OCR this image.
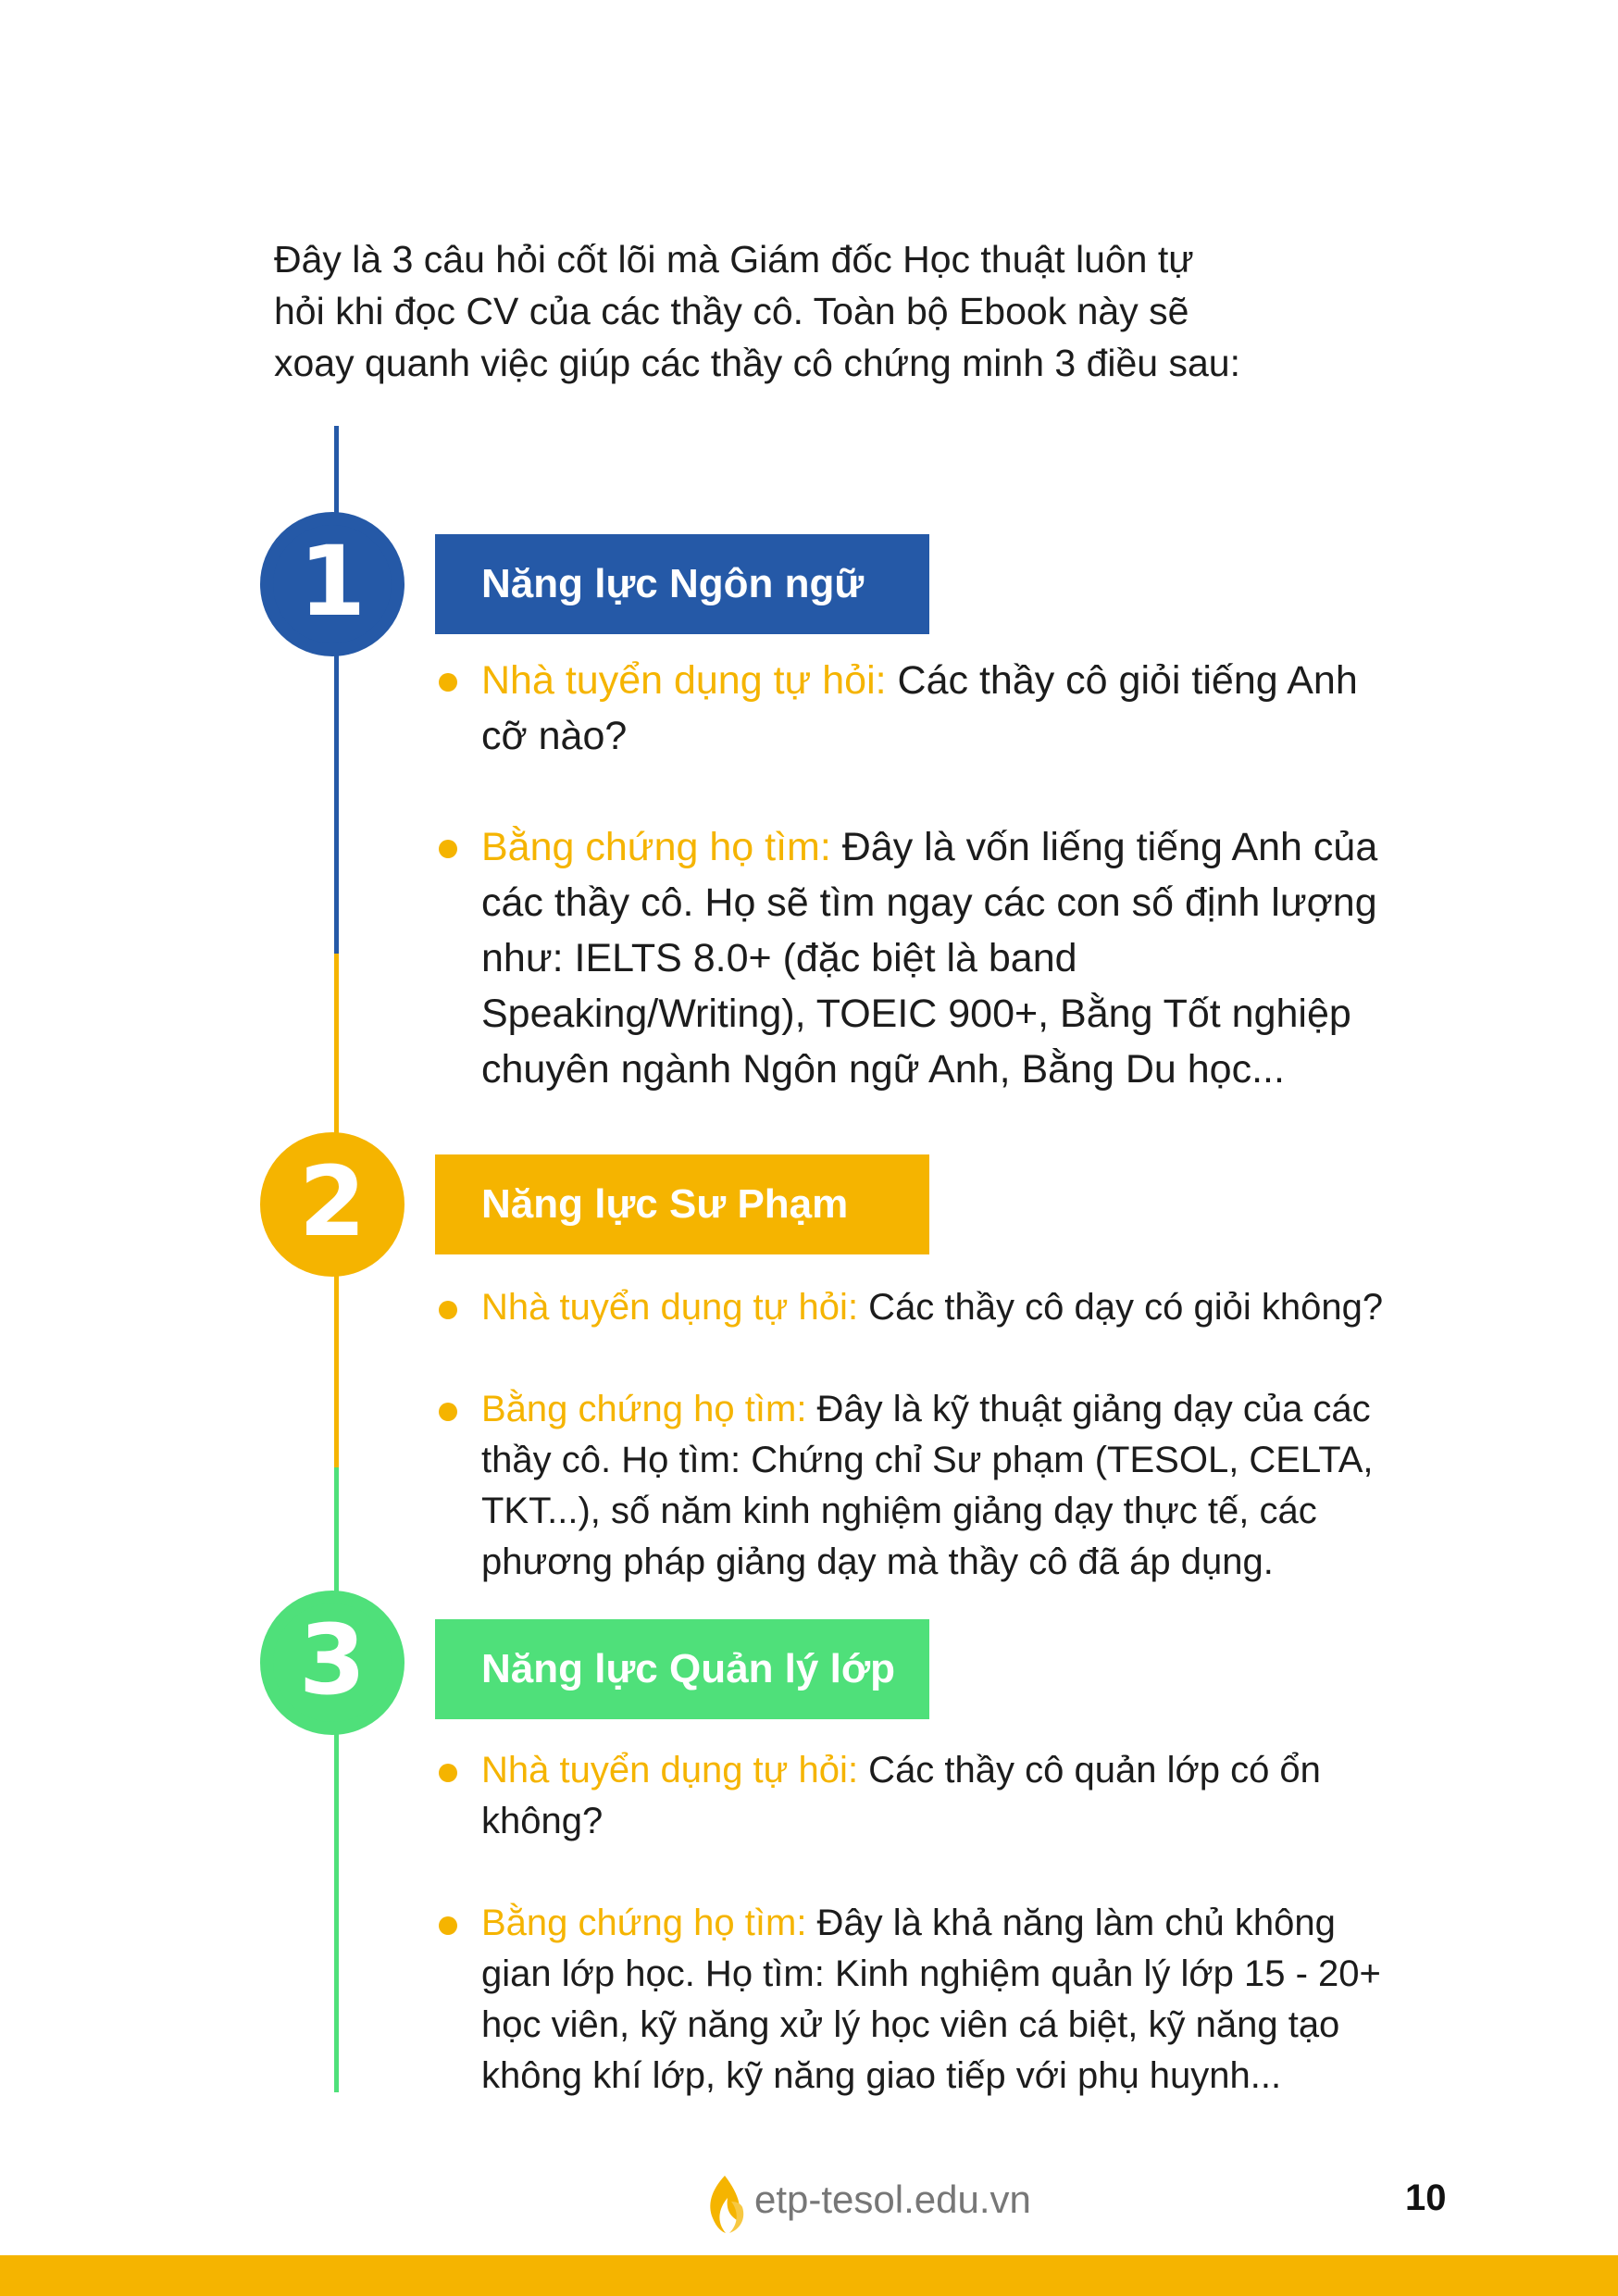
Đây là 3 câu hỏi cốt lõi mà Giám đốc Học thuật luôn tự

hỏi khi đọc CV của các thầy cô. Toàn bộ Ebook này sẽ

xoay quanh việc giúp các thầy cô chứng minh 3 điều sau:

1	Năng lực Ngôn ngữ
Nhà tuyển dụng tự hỏi: Các thầy cô giỏi tiếng Anh
cỡ nào?
Bằng chứng họ tìm: Đây là vốn liếng tiếng Anh của
các thầy cô. Họ sẽ tìm ngay các con số định lượng
như: IELTS 8.0+ (đặc biệt là band
Speaking/Writing), TOEIC 900+, Bằng Tốt nghiệp
chuyên ngành Ngôn ngữ Anh, Bằng Du học...
2	Năng lực Sư Phạm
Nhà tuyển dụng tự hỏi: Các thầy cô dạy có giỏi không?
Bằng chứng họ tìm: Đây là kỹ thuật giảng dạy của các
thầy cô. Họ tìm: Chứng chỉ Sư phạm (TESOL, CELTA,
TKT...), số năm kinh nghiệm giảng dạy thực tế, các
phương pháp giảng dạy mà thầy cô đã áp dụng.
3	Năng lực Quản lý lớp
Nhà tuyển dụng tự hỏi: Các thầy cô quản lớp có ổn
không?
Bằng chứng họ tìm: Đây là khả năng làm chủ không
gian lớp học. Họ tìm: Kinh nghiệm quản lý lớp 15 - 20+
học viên, kỹ năng xử lý học viên cá biệt, kỹ năng tạo
không khí lớp, kỹ năng giao tiếp với phụ huynh...
etp-tesol.edu.vn	10
